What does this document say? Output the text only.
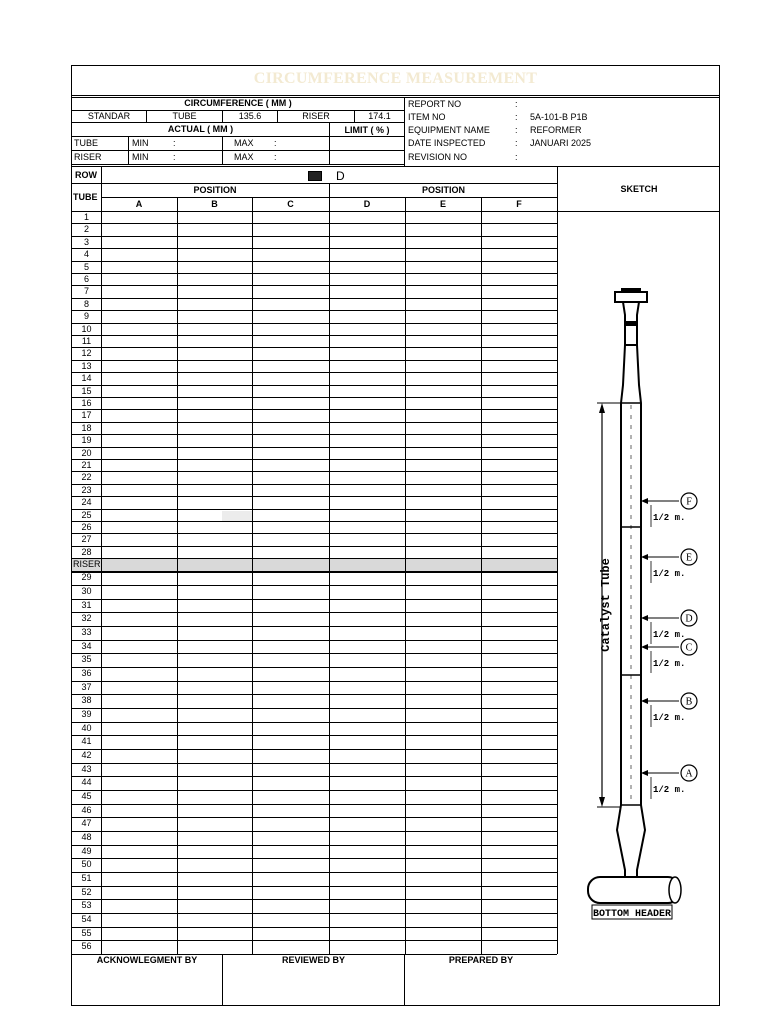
CIRCUMFERENCE MEASUREMENT
CIRCUMFERENCE ( MM )
STANDAR	TUBE	135.6	RISER	174.1
ACTUAL ( MM )	LIMIT ( % )
TUBE	MIN	:	MAX :
RISER	MIN	:	MAX :
REPORT NO	:
ITEM NO	: 5A-101-B P1B
EQUIPMENT NAME	: REFORMER
DATE INSPECTED	: JANUARI 2025
REVISION NO	:
ROW	D
TUBE
POSITION	POSITION	SKETCH
A	B	C	D	E	F
1
2
3
4
5
6
7
8
9
10
11
12
13
14
15
16
17
18
19
20
21
22
23
24
25
26
27
28
RISER
29
30
31
32
33
34
35
36
37
38
39
40
41
42
43
44
45
46
47
48
49
50
51
52
53
54
55
56
ACKNOWLEGMENT BY	REVIEWED BY	PREPARED BY
Catalyst Tube
F
1/2 m.
E
1/2 m.
D
1/2 m.
C
1/2 m.
B
1/2 m.
A
1/2 m.
BOTTOM HEADER
